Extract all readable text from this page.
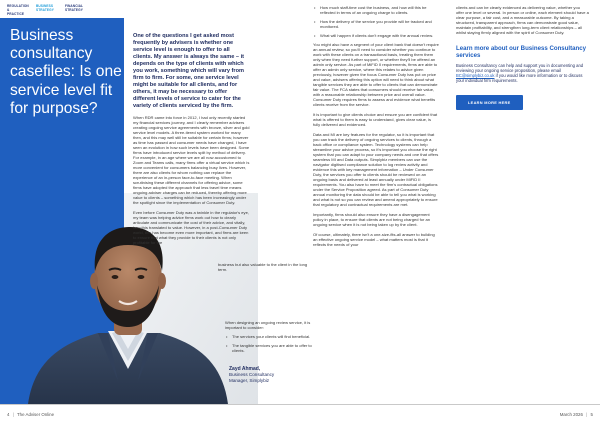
REGULATION & PRACTICE
BUSINESS STRATEGY
FINANCIAL STRATEGY
Business consultancy casefiles: Is one service level fit for purpose?

One of the questions I get asked most frequently by advisers is whether one service level is enough to offer to all clients. My answer is always the same – it depends on the type of clients with which you work, something which will vary from firm to firm. For some, one service level might be suitable for all clients, and for others, it may be necessary to offer different levels of service to cater for the variety of clients serviced by the firm.

When RDR came into force in 2012, I had only recently started my financial services journey, and I clearly remember advisers creating ongoing service agreements with bronze, silver and gold service level models. A three-tiered system worked for many then, and this may well still be suitable for certain firms; however as time has passed and consumer needs have changed, I have seen an evolution in how such levels have been designed. Some firms have introduced service levels split by method of delivery. For example, in an age where we are all now accustomed to Zoom and Teams calls, many firms offer a virtual service which is more convenient for consumers balancing busy lives. However, there are also clients for whom nothing can replace the experience of an in-person face-to-face meeting. When scrutinising these different channels for offering advice, some firms have adopted the approach that less travel time means ongoing adviser charges can be reduced, thereby offering more value to clients – something which has been increasingly under the spotlight since the implementation of Consumer Duty.

Even before Consumer Duty was a twinkle in the regulator's eye, my team was helping advice firms work out how to clearly articulate and communicate the cost of their advice, and vitally, how this translated to value. However, in a post-Consumer Duty world, this has become even more important, and firms are keen to ensure that what they provide to their clients is not only profitable for the

business but also valuable to the client in the long term.

When designing an ongoing review service, it is important to consider:

• The services your clients will find beneficial.
• The tangible services you are able to offer to clients.
Zayd Ahmad,
Business Consultancy
Manager, Simplybiz
• How much staff-time cost the business, and how will this be reflected in terms of an ongoing charge to clients.
• How the delivery of the service you provide will be tracked and monitored.
• What will happen if clients don't engage with the annual review.

You might also have a segment of your client bank that doesn't require an annual review, so you'll need to consider whether you continue to work with these clients on a transactional basis, treating them them only when they need further support, or whether they'll be offered an admin only service. As part of MiFID II requirements, firms are able to offer an admin only service, where this relates to advice given previously, however given the focus Consumer Duty has put on price and value, advisers offering this option will need to think about what tangible services they are able to offer to clients that can demonstrate fair value. The FCA states that consumers should receive fair value, with a reasonable relationship between price and overall value. Consumer Duty requires firms to assess and evidence what benefits clients receive from the service.

It is important to give clients choice and ensure you are confident that what is offered to them is easy to understand, gives clear value, is fully delivered and evidenced.

Data and MI are key features for the regulator, so it is important that you can track the delivery of ongoing services to clients, through a back office or compliance system. Technology systems can help streamline your advice process, so it's important you choose the right system that you can adapt to your company needs and one that offers seamless MI and Data outputs. Simplybiz members can use the navigator digitised compliance solution to log review activity and evidence this with key management information – Under Consumer Duty, the services you offer to clients should be reviewed on an ongoing basis and delivered at least annually under MiFID II requirements. You also have to meet the firm's contractual obligations under the Service Proposition agreed. As part of Consumer Duty annual monitoring the data should be able to tell you what is working and what is not so you can review and amend appropriately to ensure that regulatory and contractual requirements are met.

Importantly, firms should also ensure they have a disengagement policy in place, to ensure that clients are not being charged for an ongoing service when it is not being taken up by the client.

Of course, ultimately, there isn't a one-size-fits-all answer to building an effective ongoing service model – what matters most is that it reflects the needs of your

clients and can be clearly evidenced as delivering value, whether you offer one level or several. In person or online, each element should have a clear purpose, a fair cost, and a measurable outcome. By taking a structured, transparent approach, firms can demonstrate good value, maintain profitability, and strengthen long-term client relationships – all whilst staying firmly aligned with the spirit of Consumer Duty.

Learn more about our Business Consultancy services

Business Consultancy can help and support you in documenting and reviewing your ongoing service proposition, please email BC@simplybiz.co.uk if you would like more information or to discuss your individual firm requirements.

LEARN MORE HERE
4 | The Adviser Online	March 2026 | 5
